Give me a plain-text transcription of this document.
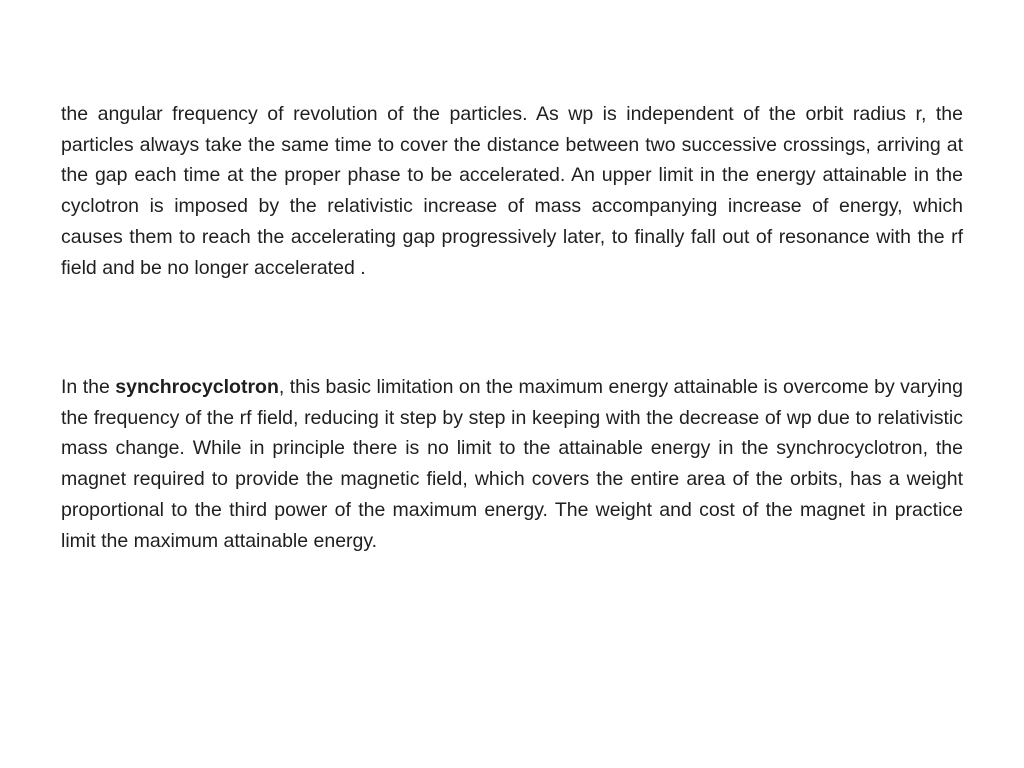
the angular frequency of revolution of the particles. As wp is independent of the orbit radius r, the particles always take the same time to cover the distance between two successive crossings, arriving at the gap each time at the proper phase to be accelerated. An upper limit in the energy attainable in the cyclotron is imposed by the relativistic increase of mass accompanying increase of energy, which causes them to reach the accelerating gap progressively later, to finally fall out of resonance with the rf field and be no longer accelerated .

In the synchrocyclotron, this basic limitation on the maximum energy attainable is overcome by varying the frequency of the rf field, reducing it step by step in keeping with the decrease of wp due to relativistic mass change. While in principle there is no limit to the attainable energy in the synchrocyclotron, the magnet required to provide the magnetic field, which covers the entire area of the orbits, has a weight proportional to the third power of the maximum energy. The weight and cost of the magnet in practice limit the maximum attainable energy.
